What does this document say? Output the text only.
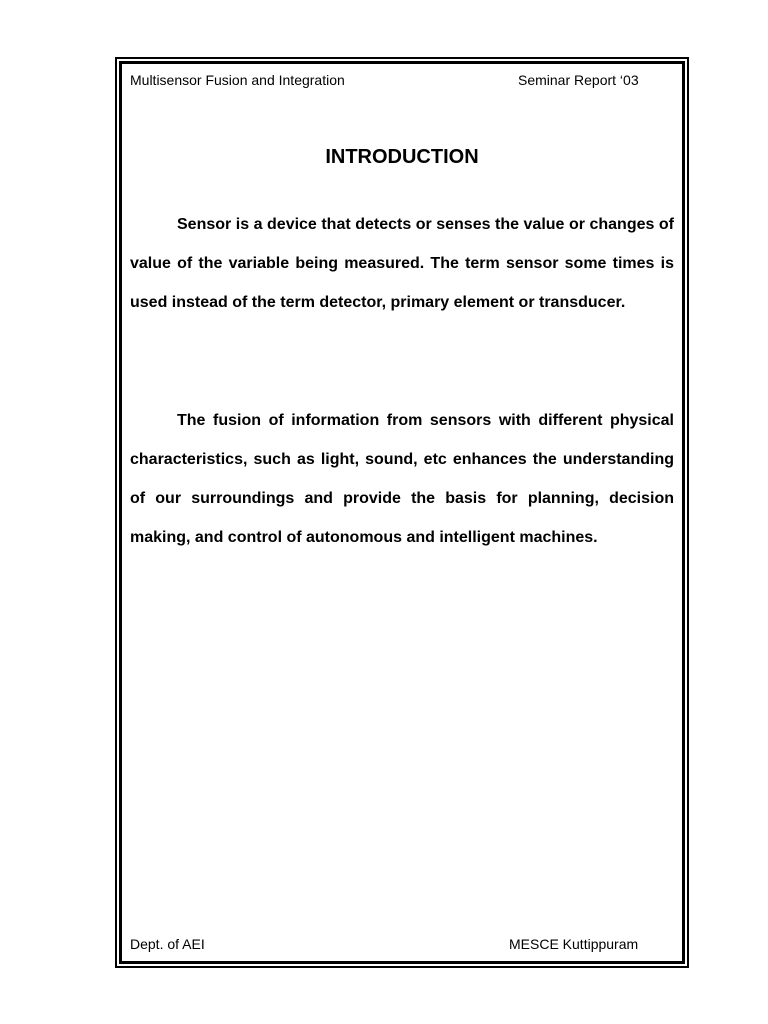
Multisensor Fusion and Integration	Seminar Report ‘03
INTRODUCTION

Sensor is a device that detects or senses the value or changes of value of the variable being measured. The term sensor some times is used instead of the term detector, primary element or transducer.

The fusion of information from sensors with different physical characteristics, such as light, sound, etc enhances the understanding of our surroundings and provide the basis for planning, decision making, and control of autonomous and intelligent machines.

Dept. of AEI	MESCE Kuttippuram
